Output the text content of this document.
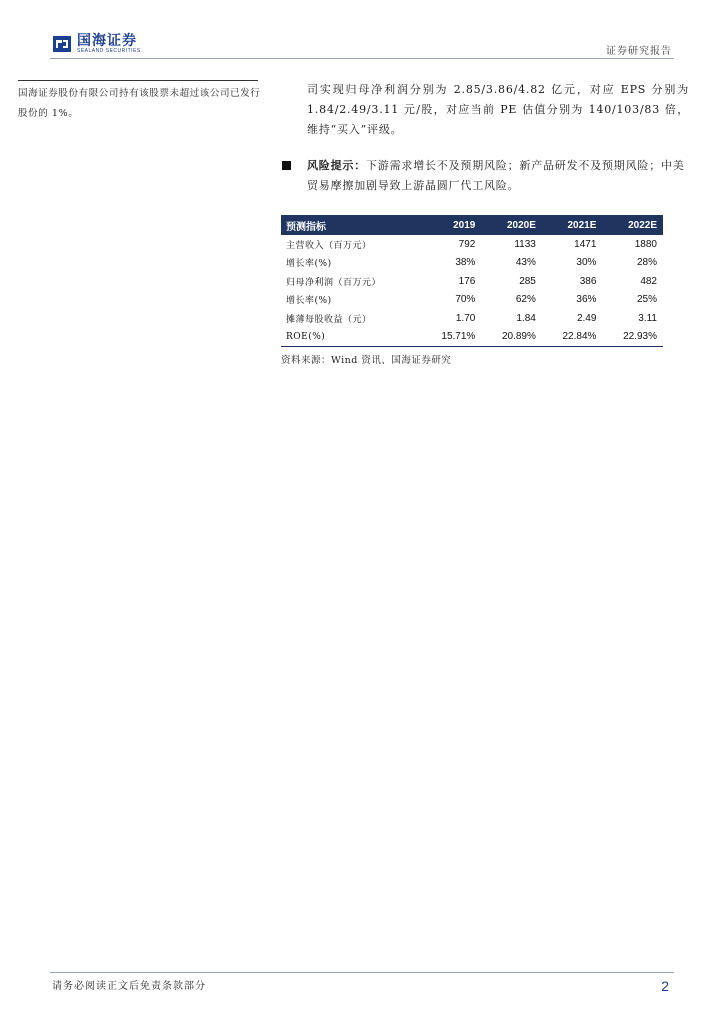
国海证券
SEALAND SECURITIES	证券研究报告
国海证券股份有限公司持有该股票未超过该公司已发行股份的 1%。
司实现归母净利润分别为 2.85/3.86/4.82 亿元，对应 EPS 分别为 1.84/2.49/3.11 元/股，对应当前 PE 估值分别为 140/103/83 倍，维持“买入”评级。
风险提示：下游需求增长不及预期风险；新产品研发不及预期风险；中美贸易摩擦加剧导致上游晶圆厂代工风险。
预测指标	2019	2020E	2021E	2022E
主营收入（百万元）	792	1133	1471	1880
增长率(%)	38%	43%	30%	28%
归母净利润（百万元）	176	285	386	482
增长率(%)	70%	62%	36%	25%
摊薄每股收益（元）	1.70	1.84	2.49	3.11
ROE(%)	15.71%	20.89%	22.84%	22.93%
资料来源：Wind 资讯、国海证券研究
请务必阅读正文后免责条款部分	2
